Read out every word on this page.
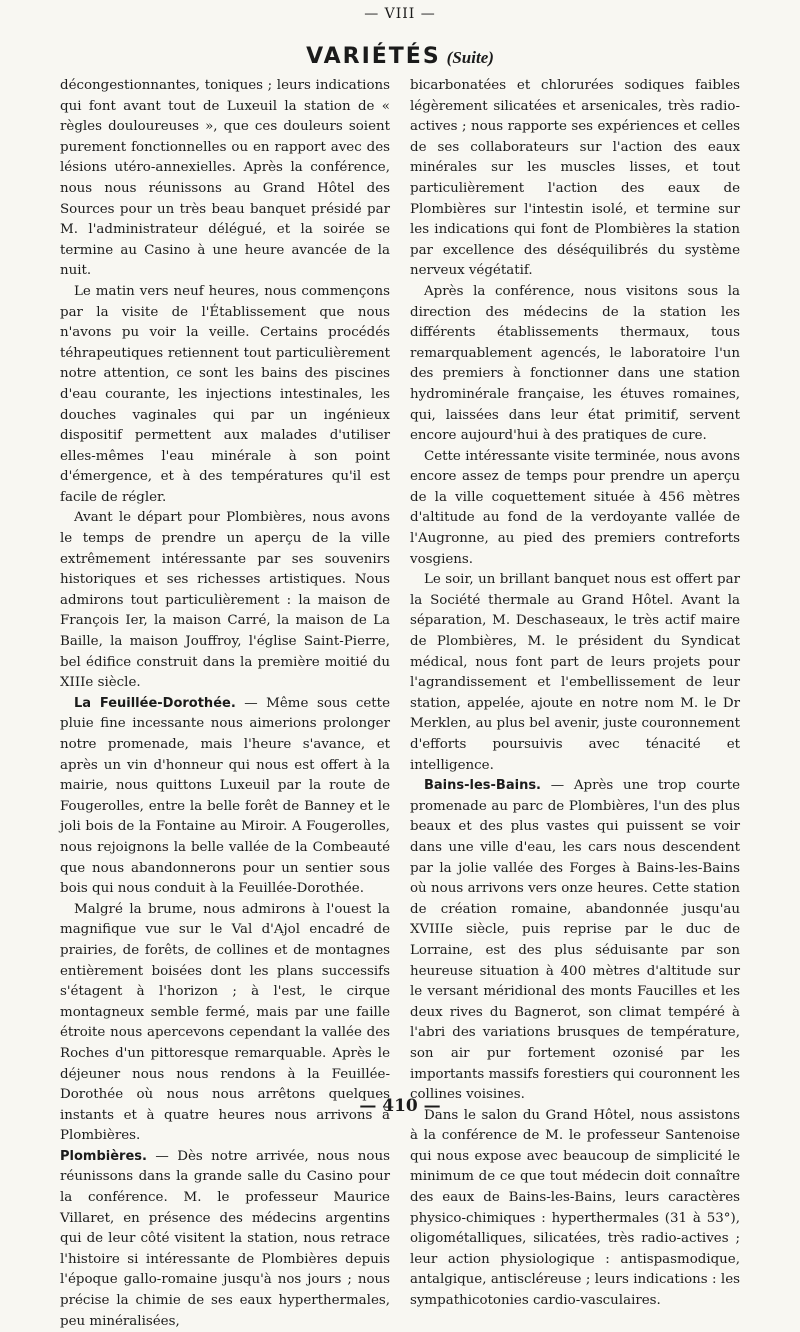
— VIII —
VARIÉTÉS (Suite)

décongestionnantes, toniques ; leurs indications qui font avant tout de Luxeuil la station de « règles douloureuses », que ces douleurs soient purement fonctionnelles ou en rapport avec des lésions utéro-annexielles. Après la conférence, nous nous réunissons au Grand Hôtel des Sources pour un très beau banquet présidé par M. l'administrateur délégué, et la soirée se termine au Casino à une heure avancée de la nuit.

Le matin vers neuf heures, nous commençons par la visite de l'Établissement que nous n'avons pu voir la veille. Certains procédés téhrapeutiques retiennent tout particulièrement notre attention, ce sont les bains des piscines d'eau courante, les injections intestinales, les douches vaginales qui par un ingénieux dispositif permettent aux malades d'utiliser elles-mêmes l'eau minérale à son point d'émergence, et à des températures qu'il est facile de régler.

Avant le départ pour Plombières, nous avons le temps de prendre un aperçu de la ville extrêmement intéressante par ses souvenirs historiques et ses richesses artistiques. Nous admirons tout particulièrement : la maison de François Ier, la maison Carré, la maison de La Baille, la maison Jouffroy, l'église Saint-Pierre, bel édifice construit dans la première moitié du XIIIe siècle.

La Feuillée-Dorothée. — Même sous cette pluie fine incessante nous aimerions prolonger notre promenade, mais l'heure s'avance, et après un vin d'honneur qui nous est offert à la mairie, nous quittons Luxeuil par la route de Fougerolles, entre la belle forêt de Banney et le joli bois de la Fontaine au Miroir. A Fougerolles, nous rejoignons la belle vallée de la Combeauté que nous abandonnerons pour un sentier sous bois qui nous conduit à la Feuillée-Dorothée.

Malgré la brume, nous admirons à l'ouest la magnifique vue sur le Val d'Ajol encadré de prairies, de forêts, de collines et de montagnes entièrement boisées dont les plans successifs s'étagent à l'horizon ; à l'est, le cirque montagneux semble fermé, mais par une faille étroite nous apercevons cependant la vallée des Roches d'un pittoresque remarquable. Après le déjeuner nous nous rendons à la Feuillée-Dorothée où nous nous arrêtons quelques instants et à quatre heures nous arrivons à Plombières.

Plombières. — Dès notre arrivée, nous nous réunissons dans la grande salle du Casino pour la conférence. M. le professeur Maurice Villaret, en présence des médecins argentins qui de leur côté visitent la station, nous retrace l'histoire si intéressante de Plombières depuis l'époque gallo-romaine jusqu'à nos jours ; nous précise la chimie de ses eaux hyperthermales, peu minéralisées,

bicarbonatées et chlorurées sodiques faibles légèrement silicatées et arsenicales, très radio-actives ; nous rapporte ses expériences et celles de ses collaborateurs sur l'action des eaux minérales sur les muscles lisses, et tout particulièrement l'action des eaux de Plombières sur l'intestin isolé, et termine sur les indications qui font de Plombières la station par excellence des déséquilibrés du système nerveux végétatif.

Après la conférence, nous visitons sous la direction des médecins de la station les différents établissements thermaux, tous remarquablement agencés, le laboratoire l'un des premiers à fonctionner dans une station hydrominérale française, les étuves romaines, qui, laissées dans leur état primitif, servent encore aujourd'hui à des pratiques de cure.

Cette intéressante visite terminée, nous avons encore assez de temps pour prendre un aperçu de la ville coquettement située à 456 mètres d'altitude au fond de la verdoyante vallée de l'Augronne, au pied des premiers contreforts vosgiens.

Le soir, un brillant banquet nous est offert par la Société thermale au Grand Hôtel. Avant la séparation, M. Deschaseaux, le très actif maire de Plombières, M. le président du Syndicat médical, nous font part de leurs projets pour l'agrandissement et l'embellissement de leur station, appelée, ajoute en notre nom M. le Dr Merklen, au plus bel avenir, juste couronnement d'efforts poursuivis avec ténacité et intelligence.

Bains-les-Bains. — Après une trop courte promenade au parc de Plombières, l'un des plus beaux et des plus vastes qui puissent se voir dans une ville d'eau, les cars nous descendent par la jolie vallée des Forges à Bains-les-Bains où nous arrivons vers onze heures. Cette station de création romaine, abandonnée jusqu'au XVIIIe siècle, puis reprise par le duc de Lorraine, est des plus séduisante par son heureuse situation à 400 mètres d'altitude sur le versant méridional des monts Faucilles et les deux rives du Bagnerot, son climat tempéré à l'abri des variations brusques de température, son air pur fortement ozonisé par les importants massifs forestiers qui couronnent les collines voisines.

Dans le salon du Grand Hôtel, nous assistons à la conférence de M. le professeur Santenoise qui nous expose avec beaucoup de simplicité le minimum de ce que tout médecin doit connaître des eaux de Bains-les-Bains, leurs caractères physico-chimiques : hyperthermales (31 à 53°), oligométalliques, silicatées, très radio-actives ; leur action physiologique : antispasmodique, antalgique, antiscléreuse ; leurs indications : les sympathicotonies cardio-vasculaires.

— 410 —
